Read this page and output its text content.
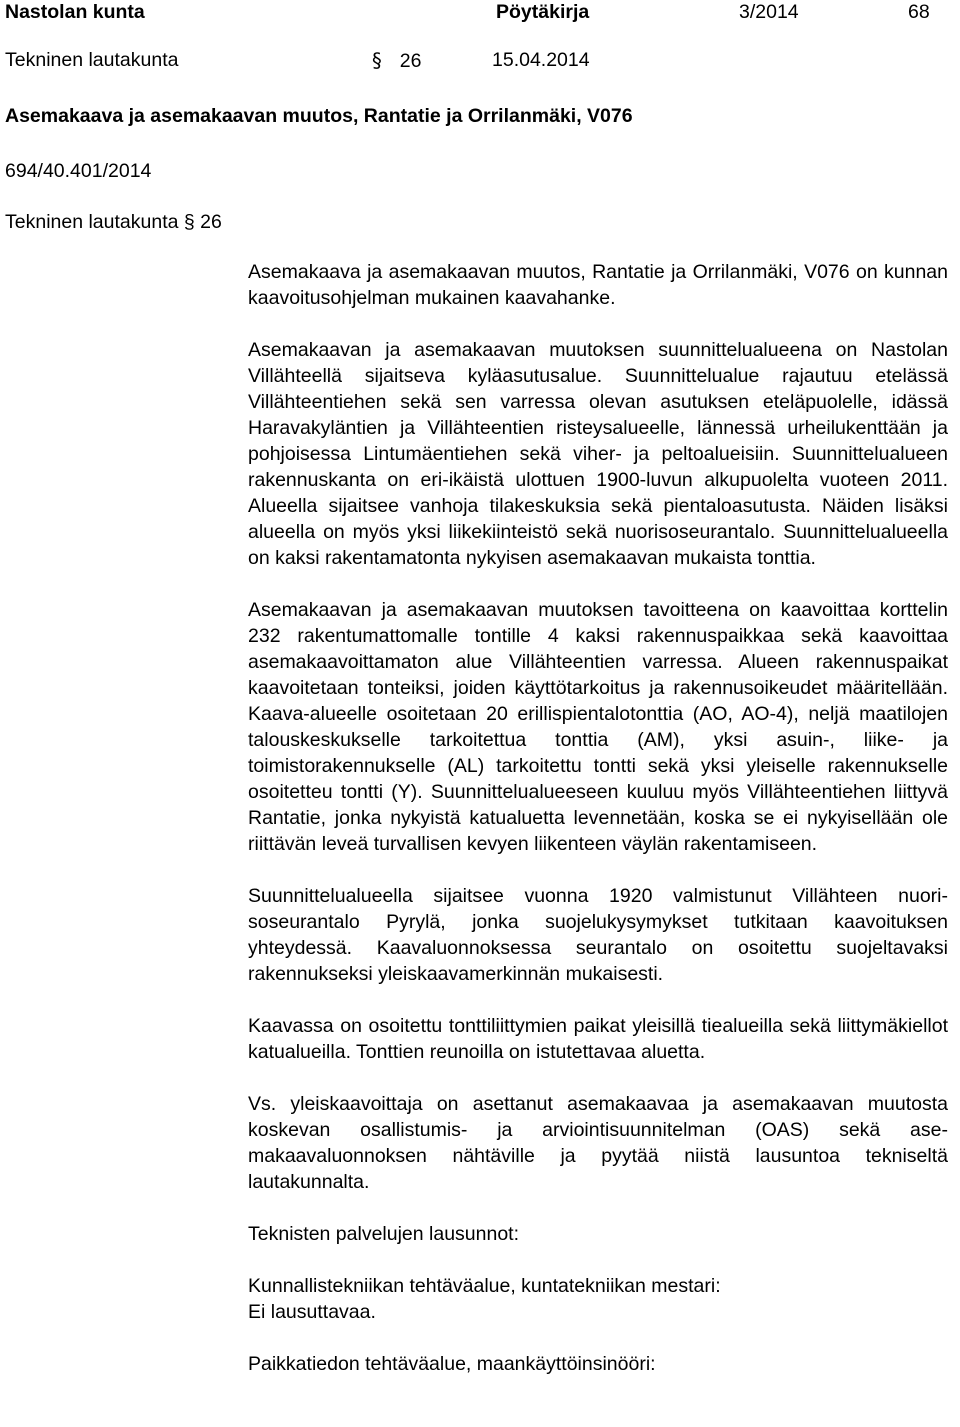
Nastolan kunta	Pöytäkirja	3/2014	68
Tekninen lautakunta	§ 26	15.04.2014
Asemakaava ja asemakaavan muutos, Rantatie ja Orrilanmäki, V076
694/40.401/2014
Tekninen lautakunta § 26

Asemakaava ja asemakaavan muutos, Rantatie ja Orrilanmäki, V076 on kunnan kaavoitusohjelman mukainen kaavahanke.

Asemakaavan ja asemakaavan muutoksen suunnittelualueena on Nastolan Villähteellä sijaitseva kyläasutusalue. Suunnittelualue rajautuu etelässä Villähteentiehen sekä sen varressa olevan asutuksen eteläpuolelle, idässä Haravakyläntien ja Villähteentien risteysalueelle, lännessä urheilukenttään ja pohjoisessa Lintumäentiehen sekä viher- ja peltoalueisiin. Suunnittelualueen rakennuskanta on eri-ikäistä ulottuen 1900-luvun alkupuolelta vuoteen 2011. Alueella sijaitsee vanhoja tilakeskuksia sekä pientaloasutusta. Näiden lisäksi alueella on myös yksi liikekiinteistö sekä nuorisoseurantalo. Suunnittelualueella on kaksi rakentamatonta nykyisen asemakaavan mukaista tonttia.

Asemakaavan ja asemakaavan muutoksen tavoitteena on kaavoittaa korttelin 232 rakentumattomalle tontille 4 kaksi rakennuspaikkaa sekä kaavoittaa asemakaavoittamaton alue Villähteentien varressa. Alueen rakennuspaikat kaavoitetaan tonteiksi, joiden käyttötarkoitus ja rakennusoikeudet määritellään. Kaava-alueelle osoitetaan 20 erillispientalotonttia (AO, AO-4), neljä maatilojen talouskeskukselle tarkoitettua tonttia (AM), yksi asuin-, liike- ja toimistorakennukselle (AL) tarkoitettu tontti sekä yksi yleiselle rakennukselle osoitetteu tontti (Y). Suunnittelualueeseen kuuluu myös Villähteentiehen liittyvä Rantatie, jonka nykyistä katualuetta levennetään, koska se ei nykyisellään ole riittävän leveä turvallisen kevyen liikenteen väylän rakentamiseen.

Suunnittelualueella sijaitsee vuonna 1920 valmistunut Villähteen nuorisoseurantalo Pyrylä, jonka suojelukysymykset tutkitaan kaavoituksen yhteydessä. Kaavaluonnoksessa seurantalo on osoitettu suojeltavaksi rakennukseksi yleiskaavamerkinnän mukaisesti.

Kaavassa on osoitettu tonttiliittymien paikat yleisillä tiealueilla sekä liittymäkiellot katualueilla. Tonttien reunoilla on istutettavaa aluetta.

Vs. yleiskaavoittaja on asettanut asemakaavaa ja asemakaavan muutosta koskevan osallistumis- ja arviointisuunnitelman (OAS) sekä asemakaavaluonnoksen nähtäville ja pyytää niistä lausuntoa tekniseltä lautakunnalta.

Teknisten palvelujen lausunnot:

Kunnallistekniikan tehtäväalue, kuntatekniikan mestari:

Ei lausuttavaa.

Paikkatiedon tehtäväalue, maankäyttöinsinööri:
